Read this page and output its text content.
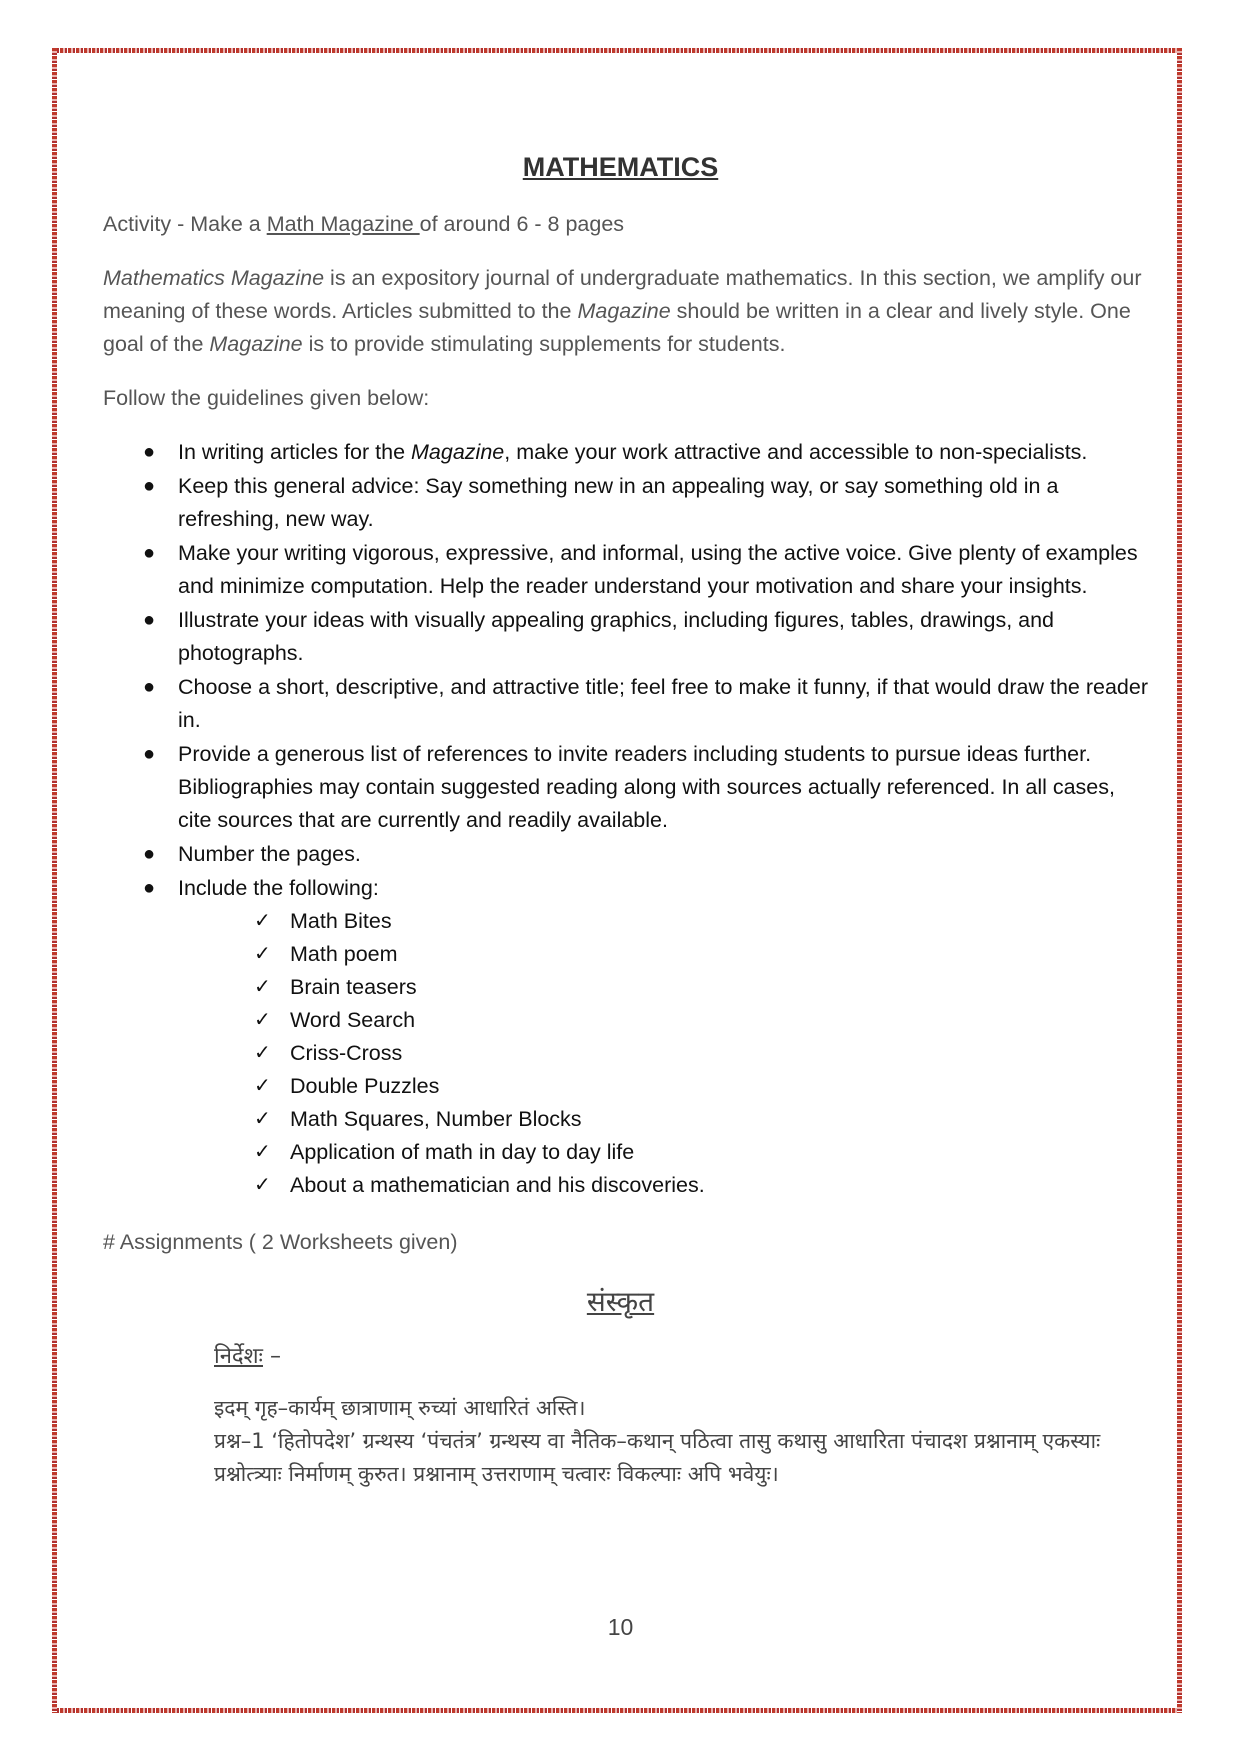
MATHEMATICS
Activity - Make a Math Magazine of around 6 - 8 pages
Mathematics Magazine is an expository journal of undergraduate mathematics. In this section, we amplify our meaning of these words. Articles submitted to the Magazine should be written in a clear and lively style. One goal of the Magazine is to provide stimulating supplements for students.
Follow the guidelines given below:
● In writing articles for the Magazine, make your work attractive and accessible to non-specialists.
● Keep this general advice: Say something new in an appealing way, or say something old in a refreshing, new way.
● Make your writing vigorous, expressive, and informal, using the active voice. Give plenty of examples and minimize computation. Help the reader understand your motivation and share your insights.
● Illustrate your ideas with visually appealing graphics, including figures, tables, drawings, and photographs.
● Choose a short, descriptive, and attractive title; feel free to make it funny, if that would draw the reader in.
● Provide a generous list of references to invite readers including students to pursue ideas further. Bibliographies may contain suggested reading along with sources actually referenced. In all cases, cite sources that are currently and readily available.
● Number the pages.
● Include the following:
✓ Math Bites
✓ Math poem
✓ Brain teasers
✓ Word Search
✓ Criss-Cross
✓ Double Puzzles
✓ Math Squares, Number Blocks
✓ Application of math in day to day life
✓ About a mathematician and his discoveries.
# Assignments ( 2 Worksheets given)
संस्कृत
निर्देशः –
इदम् गृह–कार्यम् छात्राणाम् रुच्यां आधारितं अस्ति।
प्रश्न–1 ‘हितोपदेश’ ग्रन्थस्य ‘पंचतंत्र’ ग्रन्थस्य वा नैतिक–कथान् पठित्वा तासु कथासु आधारिता पंचादश प्रश्नानाम् एकस्याः प्रश्नोत्त्र्याः निर्माणम् कुरुत। प्रश्नानाम् उत्तराणाम् चत्वारः विकल्पाः अपि भवेयुः।
10
